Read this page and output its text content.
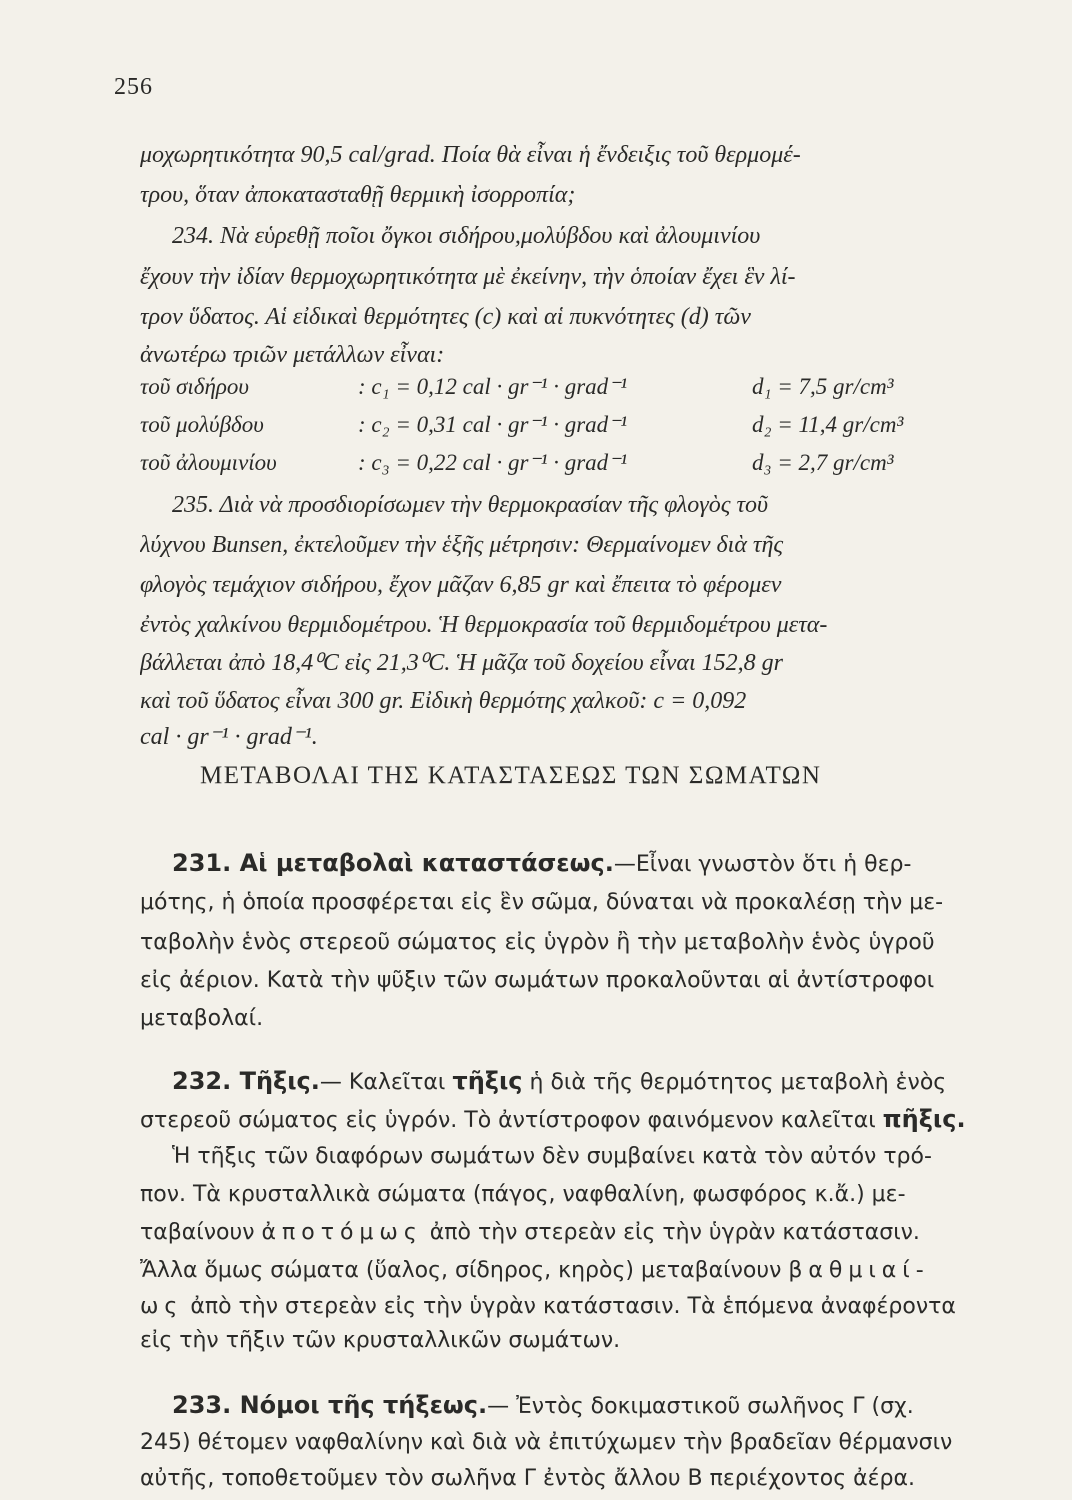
256
μοχωρητικότητα 90,5 cal/grad. Ποία θὰ εἶναι ἡ ἔνδειξις τοῦ θερμομέ-
τρου, ὅταν ἀποκατασταθῇ θερμικὴ ἰσορροπία;
234. Νὰ εὑρεθῇ ποῖοι ὄγκοι σιδήρου,μολύβδου καὶ ἀλουμινίου
ἔχουν τὴν ἰδίαν θερμοχωρητικότητα μὲ ἐκείνην, τὴν ὁποίαν ἔχει ἓν λί-
τρον ὕδατος. Αἱ εἰδικαὶ θερμότητες (c) καὶ αἱ πυκνότητες (d) τῶν
ἀνωτέρω τριῶν μετάλλων εἶναι:
τοῦ σιδήρου	: c₁ = 0,12 cal · gr⁻¹ · grad⁻¹	d₁ = 7,5 gr/cm³
τοῦ μολύβδου	: c₂ = 0,31 cal · gr⁻¹ · grad⁻¹	d₂ = 11,4 gr/cm³
τοῦ ἀλουμινίου	: c₃ = 0,22 cal · gr⁻¹ · grad⁻¹	d₃ = 2,7 gr/cm³
235. Διὰ νὰ προσδιορίσωμεν τὴν θερμοκρασίαν τῆς φλογὸς τοῦ
λύχνου Bunsen, ἐκτελοῦμεν τὴν ἑξῆς μέτρησιν: Θερμαίνομεν διὰ τῆς
φλογὸς τεμάχιον σιδήρου, ἔχον μᾶζαν 6,85 gr καὶ ἔπειτα τὸ φέρομεν
ἐντὸς χαλκίνου θερμιδομέτρου. Ἡ θερμοκρασία τοῦ θερμιδομέτρου μετα-
βάλλεται ἀπὸ 18,4⁰C εἰς 21,3⁰C. Ἡ μᾶζα τοῦ δοχείου εἶναι 152,8 gr
καὶ τοῦ ὕδατος εἶναι 300 gr. Εἰδικὴ θερμότης χαλκοῦ: c = 0,092
cal · gr⁻¹ · grad⁻¹.
ΜΕΤΑΒΟΛΑΙ ΤΗΣ ΚΑΤΑΣΤΑΣΕΩΣ ΤΩΝ ΣΩΜΑΤΩΝ
231. Αἱ μεταβολαὶ καταστάσεως.—Εἶναι γνωστὸν ὅτι ἡ θερ-
μότης, ἡ ὁποία προσφέρεται εἰς ἓν σῶμα, δύναται νὰ προκαλέσῃ τὴν με-
ταβολὴν ἑνὸς στερεοῦ σώματος εἰς ὑγρὸν ἢ τὴν μεταβολὴν ἑνὸς ὑγροῦ
εἰς ἀέριον. Κατὰ τὴν ψῦξιν τῶν σωμάτων προκαλοῦνται αἱ ἀντίστροφοι
μεταβολαί.
232. Τῆξις.— Καλεῖται τῆξις ἡ διὰ τῆς θερμότητος μεταβολὴ ἑνὸς
στερεοῦ σώματος εἰς ὑγρόν. Τὸ ἀντίστροφον φαινόμενον καλεῖται πῆξις.
Ἡ τῆξις τῶν διαφόρων σωμάτων δὲν συμβαίνει κατὰ τὸν αὐτόν τρό-
πον. Τὰ κρυσταλλικὰ σώματα (πάγος, ναφθαλίνη, φωσφόρος κ.ἄ.) με-
ταβαίνουν ἀποτόμως ἀπὸ τὴν στερεὰν εἰς τὴν ὑγρὰν κατάστασιν.
Ἄλλα ὅμως σώματα (ὕαλος, σίδηρος, κηρὸς) μεταβαίνουν βαθμιαί-
ως ἀπὸ τὴν στερεὰν εἰς τὴν ὑγρὰν κατάστασιν. Τὰ ἑπόμενα ἀναφέροντα
εἰς τὴν τῆξιν τῶν κρυσταλλικῶν σωμάτων.
233. Νόμοι τῆς τήξεως.— Ἐντὸς δοκιμαστικοῦ σωλῆνος Γ (σχ.
245) θέτομεν ναφθαλίνην καὶ διὰ νὰ ἐπιτύχωμεν τὴν βραδεῖαν θέρμανσιν
αὐτῆς, τοποθετοῦμεν τὸν σωλῆνα Γ ἐντὸς ἄλλου Β περιέχοντος ἀέρα.
